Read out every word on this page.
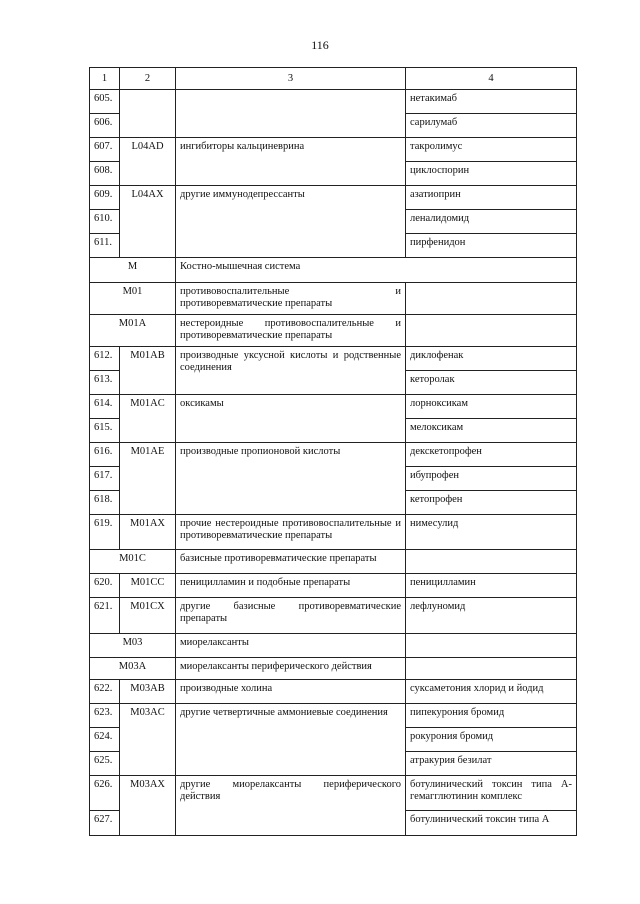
116
1	2	3	4
605.			нетакимаб
606.			сарилумаб
607.	L04AD	ингибиторы кальциневрина	такролимус
608.			циклоспорин
609.	L04AX	другие иммунодепрессанты	азатиоприн
610.			леналидомид
611.			пирфенидон
M		Костно-мышечная система	
M01		противовоспалительные и
противоревматические препараты	
M01A		нестероидные противовоспалительные и
противоревматические препараты	
612.	M01AB	производные уксусной кислоты и родственные соединения	диклофенак
613.			кеторолак
614.	M01AC	оксикамы	лорноксикам
615.			мелоксикам
616.	M01AE	производные пропионовой кислоты	декскетопрофен
617.			ибупрофен
618.			кетопрофен
619.	M01AX	прочие нестероидные противовоспалительные и противоревматические препараты	нимесулид
M01C		базисные противоревматические препараты	
620.	M01CC	пеницилламин и подобные препараты	пеницилламин
621.	M01CX	другие базисные противоревматические препараты	лефлуномид
M03		миорелаксанты	
M03A		миорелаксанты периферического действия	
622.	M03AB	производные холина	суксаметония хлорид и йодид
623.	M03AC	другие четвертичные аммониевые соединения	пипекурония бромид
624.			рокурония бромид
625.			атракурия безилат
626.	M03AX	другие миорелаксанты периферического действия	ботулинический токсин типа A-гемагглютинин комплекс
627.			ботулинический токсин типа A
